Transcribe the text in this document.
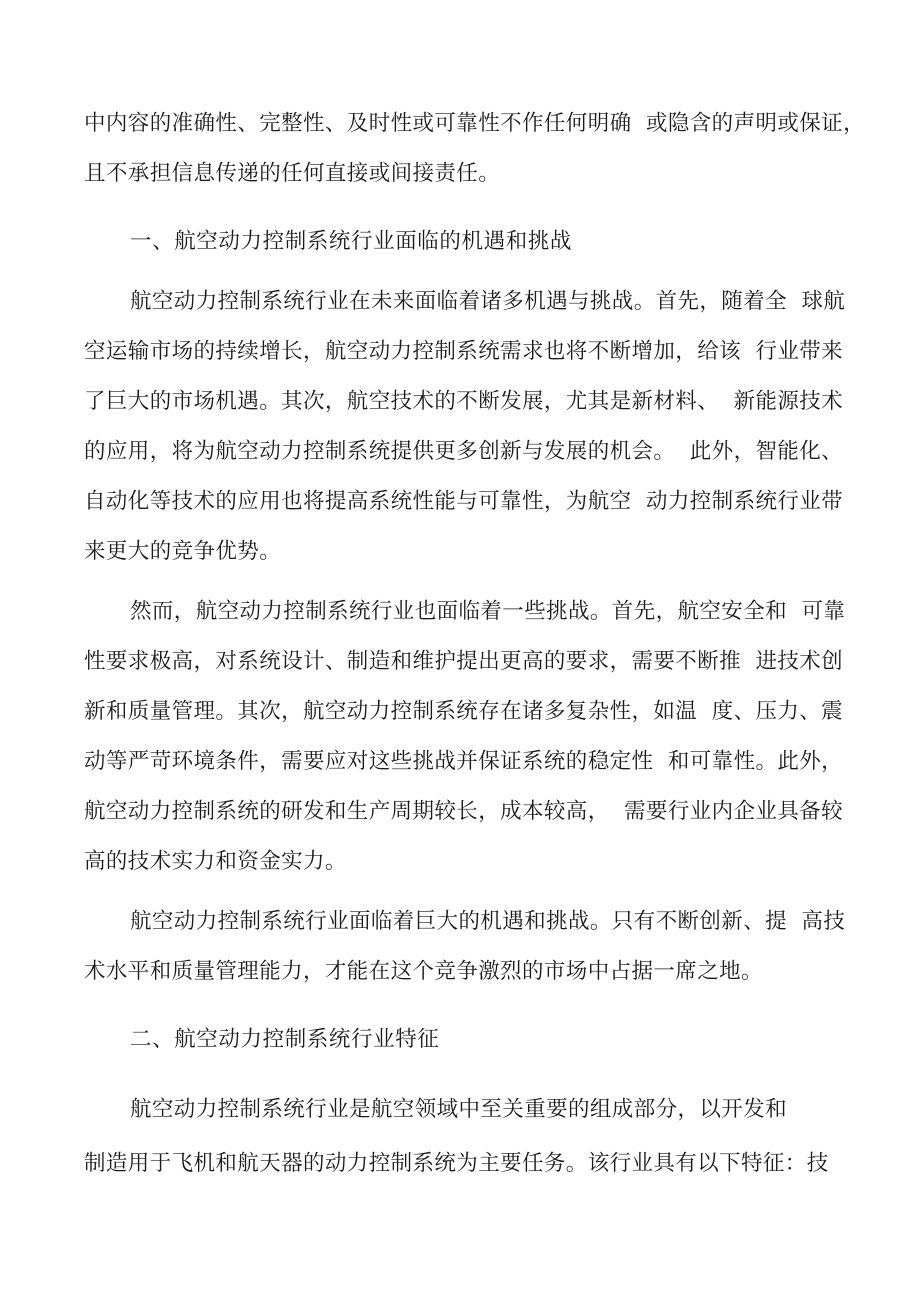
中内容的准确性、完整性、及时性或可靠性不作任何明确  或隐含的声明或保证，
且不承担信息传递的任何直接或间接责任。
一、航空动力控制系统行业面临的机遇和挑战
航空动力控制系统行业在未来面临着诸多机遇与挑战。首先，随着全  球航
空运输市场的持续增长，航空动力控制系统需求也将不断增加，给该  行业带来
了巨大的市场机遇。其次，航空技术的不断发展，尤其是新材料、  新能源技术
的应用，将为航空动力控制系统提供更多创新与发展的机会。  此外，智能化、
自动化等技术的应用也将提高系统性能与可靠性，为航空  动力控制系统行业带
来更大的竞争优势。
然而，航空动力控制系统行业也面临着一些挑战。首先，航空安全和  可靠
性要求极高，对系统设计、制造和维护提出更高的要求，需要不断推  进技术创
新和质量管理。其次，航空动力控制系统存在诸多复杂性，如温  度、压力、震
动等严苛环境条件，需要应对这些挑战并保证系统的稳定性  和可靠性。此外，
航空动力控制系统的研发和生产周期较长，成本较高，  需要行业内企业具备较
高的技术实力和资金实力。
航空动力控制系统行业面临着巨大的机遇和挑战。只有不断创新、提  高技
术水平和质量管理能力，才能在这个竞争激烈的市场中占据一席之地。
二、航空动力控制系统行业特征
航空动力控制系统行业是航空领域中至关重要的组成部分，以开发和
制造用于飞机和航天器的动力控制系统为主要任务。该行业具有以下特征：技
